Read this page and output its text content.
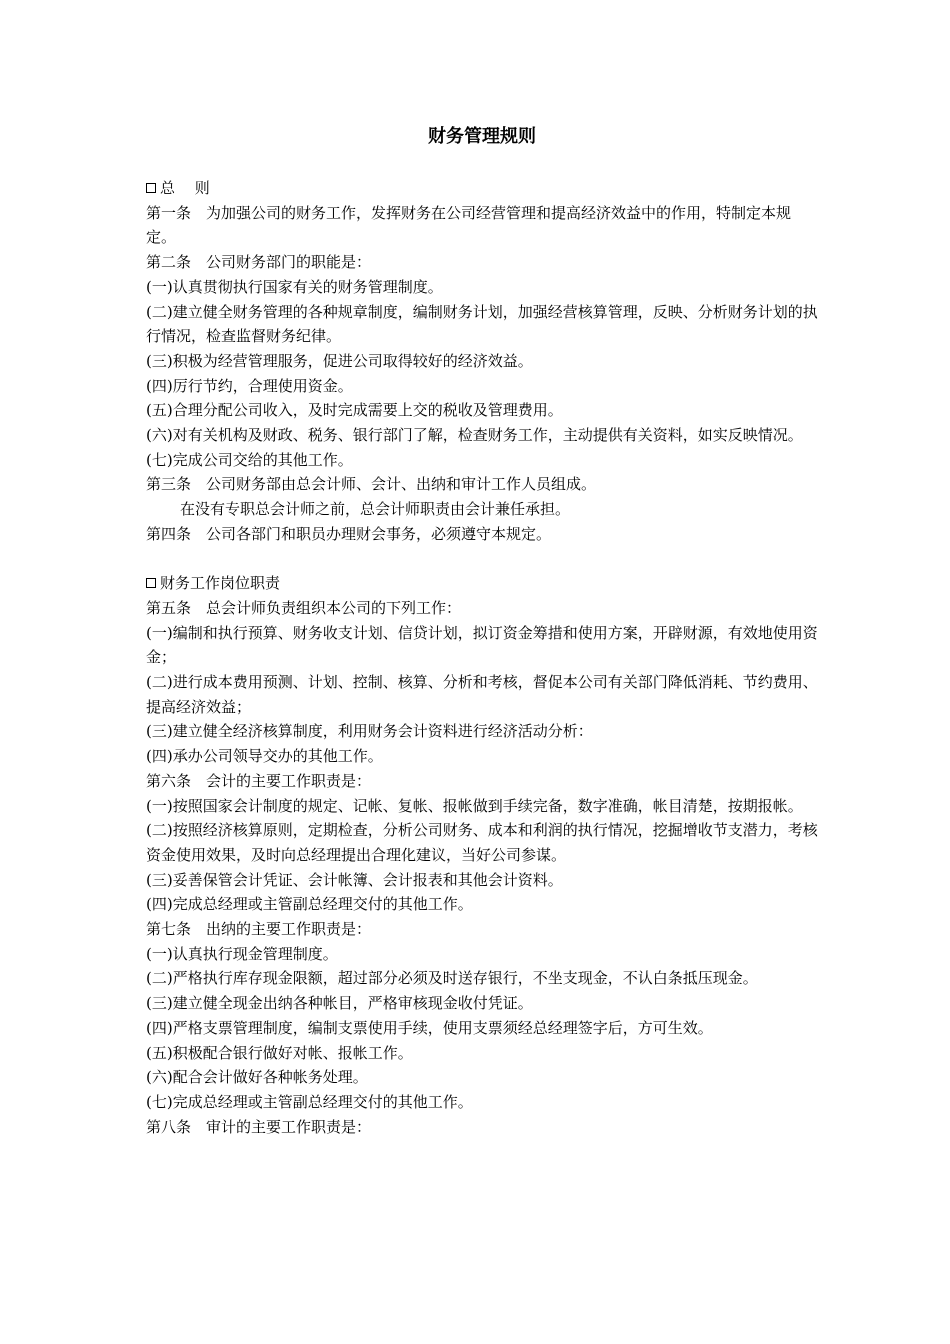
财务管理规则
总　 则

第一条　为加强公司的财务工作，发挥财务在公司经营管理和提高经济效益中的作用，特制定本规定。

第二条　公司财务部门的职能是：

(一)认真贯彻执行国家有关的财务管理制度。

(二)建立健全财务管理的各种规章制度，编制财务计划，加强经营核算管理，反映、分析财务计划的执行情况，检查监督财务纪律。

(三)积极为经营管理服务，促进公司取得较好的经济效益。

(四)厉行节约，合理使用资金。

(五)合理分配公司收入，及时完成需要上交的税收及管理费用。

(六)对有关机构及财政、税务、银行部门了解，检查财务工作，主动提供有关资料，如实反映情况。

(七)完成公司交给的其他工作。

第三条　公司财务部由总会计师、会计、出纳和审计工作人员组成。

在没有专职总会计师之前，总会计师职责由会计兼任承担。

第四条　公司各部门和职员办理财会事务，必须遵守本规定。

财务工作岗位职责

第五条　总会计师负责组织本公司的下列工作：

(一)编制和执行预算、财务收支计划、信贷计划，拟订资金筹措和使用方案，开辟财源，有效地使用资金；

(二)进行成本费用预测、计划、控制、核算、分析和考核，督促本公司有关部门降低消耗、节约费用、提高经济效益；

(三)建立健全经济核算制度，利用财务会计资料进行经济活动分析：

(四)承办公司领导交办的其他工作。

第六条　会计的主要工作职责是：

(一)按照国家会计制度的规定、记帐、复帐、报帐做到手续完备，数字准确，帐目清楚，按期报帐。

(二)按照经济核算原则，定期检查，分析公司财务、成本和利润的执行情况，挖掘增收节支潜力，考核资金使用效果，及时向总经理提出合理化建议，当好公司参谋。

(三)妥善保管会计凭证、会计帐簿、会计报表和其他会计资料。

(四)完成总经理或主管副总经理交付的其他工作。

第七条　出纳的主要工作职责是：

(一)认真执行现金管理制度。

(二)严格执行库存现金限额，超过部分必须及时送存银行，不坐支现金，不认白条抵压现金。

(三)建立健全现金出纳各种帐目，严格审核现金收付凭证。

(四)严格支票管理制度，编制支票使用手续，使用支票须经总经理签字后，方可生效。

(五)积极配合银行做好对帐、报帐工作。

(六)配合会计做好各种帐务处理。

(七)完成总经理或主管副总经理交付的其他工作。

第八条　审计的主要工作职责是：
